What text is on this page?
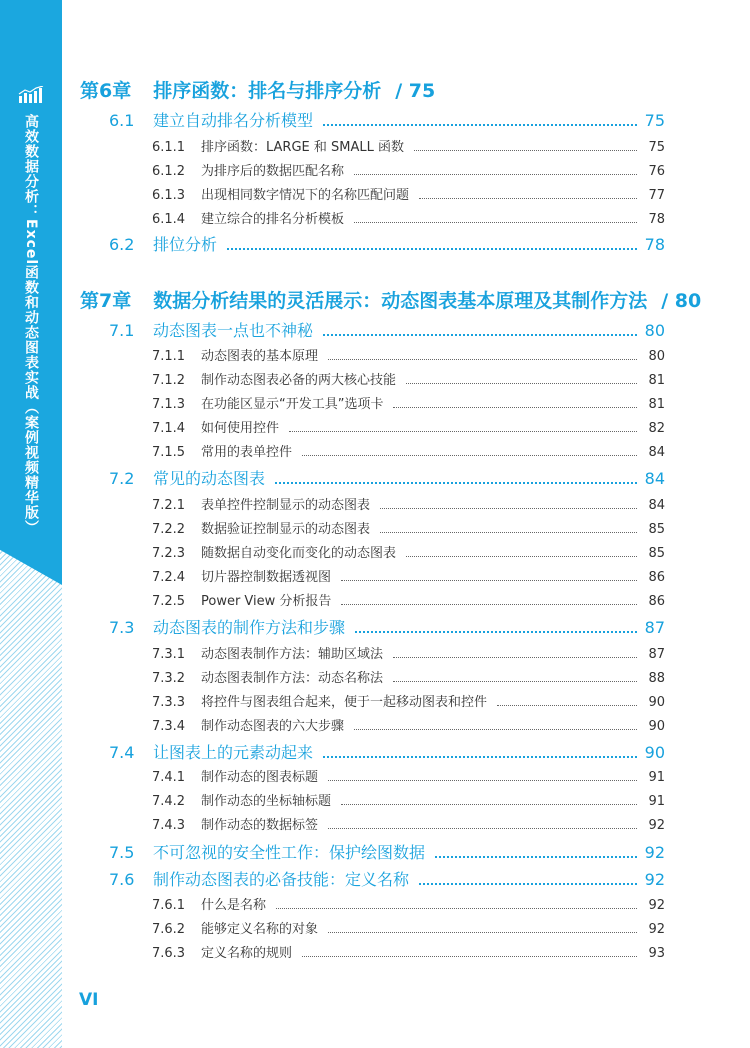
高效数据分析：Excel函数和动态图表实战（案例视频精华版）
第6章 排序函数：排名与排序分析 / 75
6.1	建立自动排名分析模型	75
6.1.1	排序函数：LARGE 和 SMALL 函数	75
6.1.2	为排序后的数据匹配名称	76
6.1.3	出现相同数字情况下的名称匹配问题	77
6.1.4	建立综合的排名分析模板	78
6.2	排位分析	78
第7章 数据分析结果的灵活展示：动态图表基本原理及其制作方法 / 80
7.1	动态图表一点也不神秘	80
7.1.1	动态图表的基本原理	80
7.1.2	制作动态图表必备的两大核心技能	81
7.1.3	在功能区显示“开发工具”选项卡	81
7.1.4	如何使用控件	82
7.1.5	常用的表单控件	84
7.2	常见的动态图表	84
7.2.1	表单控件控制显示的动态图表	84
7.2.2	数据验证控制显示的动态图表	85
7.2.3	随数据自动变化而变化的动态图表	85
7.2.4	切片器控制数据透视图	86
7.2.5	Power View 分析报告	86
7.3	动态图表的制作方法和步骤	87
7.3.1	动态图表制作方法：辅助区域法	87
7.3.2	动态图表制作方法：动态名称法	88
7.3.3	将控件与图表组合起来，便于一起移动图表和控件	90
7.3.4	制作动态图表的六大步骤	90
7.4	让图表上的元素动起来	90
7.4.1	制作动态的图表标题	91
7.4.2	制作动态的坐标轴标题	91
7.4.3	制作动态的数据标签	92
7.5	不可忽视的安全性工作：保护绘图数据	92
7.6	制作动态图表的必备技能：定义名称	92
7.6.1	什么是名称	92
7.6.2	能够定义名称的对象	92
7.6.3	定义名称的规则	93
VI
